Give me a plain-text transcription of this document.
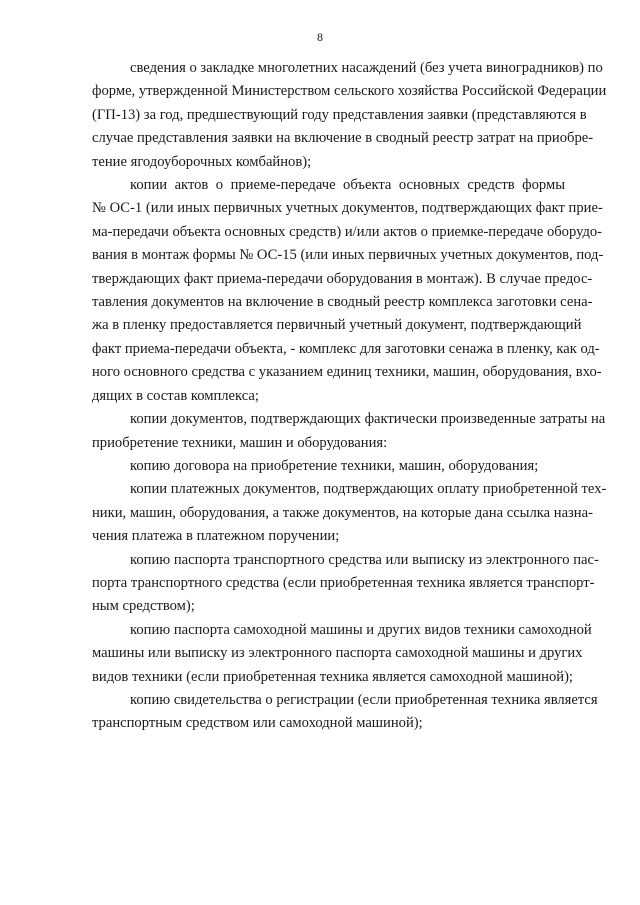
8
сведения о закладке многолетних насаждений (без учета виноградников) по
форме, утвержденной Министерством сельского хозяйства Российской Федерации
(ГП-13) за год, предшествующий году представления заявки (представляются в
случае представления заявки на включение в сводный реестр затрат на приобре-
тение ягодоуборочных комбайнов);
копии актов о приеме-передаче объекта основных средств формы
№ ОС-1 (или иных первичных учетных документов, подтверждающих факт прие-
ма-передачи объекта основных средств) и/или актов о приемке-передаче оборудо-
вания в монтаж формы № ОС-15 (или иных первичных учетных документов, под-
тверждающих факт приема-передачи оборудования в монтаж). В случае предос-
тавления документов на включение в сводный реестр комплекса заготовки сена-
жа в пленку предоставляется первичный учетный документ, подтверждающий
факт приема-передачи объекта, - комплекс для заготовки сенажа в пленку, как од-
ного основного средства с указанием единиц техники, машин, оборудования, вхо-
дящих в состав комплекса;
копии документов, подтверждающих фактически произведенные затраты на
приобретение техники, машин и оборудования:
копию договора на приобретение техники, машин, оборудования;
копии платежных документов, подтверждающих оплату приобретенной тех-
ники, машин, оборудования, а также документов, на которые дана ссылка назна-
чения платежа в платежном поручении;
копию паспорта транспортного средства или выписку из электронного пас-
порта транспортного средства (если приобретенная техника является транспорт-
ным средством);
копию паспорта самоходной машины и других видов техники самоходной
машины или выписку из электронного паспорта самоходной машины и других
видов техники (если приобретенная техника является самоходной машиной);
копию свидетельства о регистрации (если приобретенная техника является
транспортным средством или самоходной машиной);
